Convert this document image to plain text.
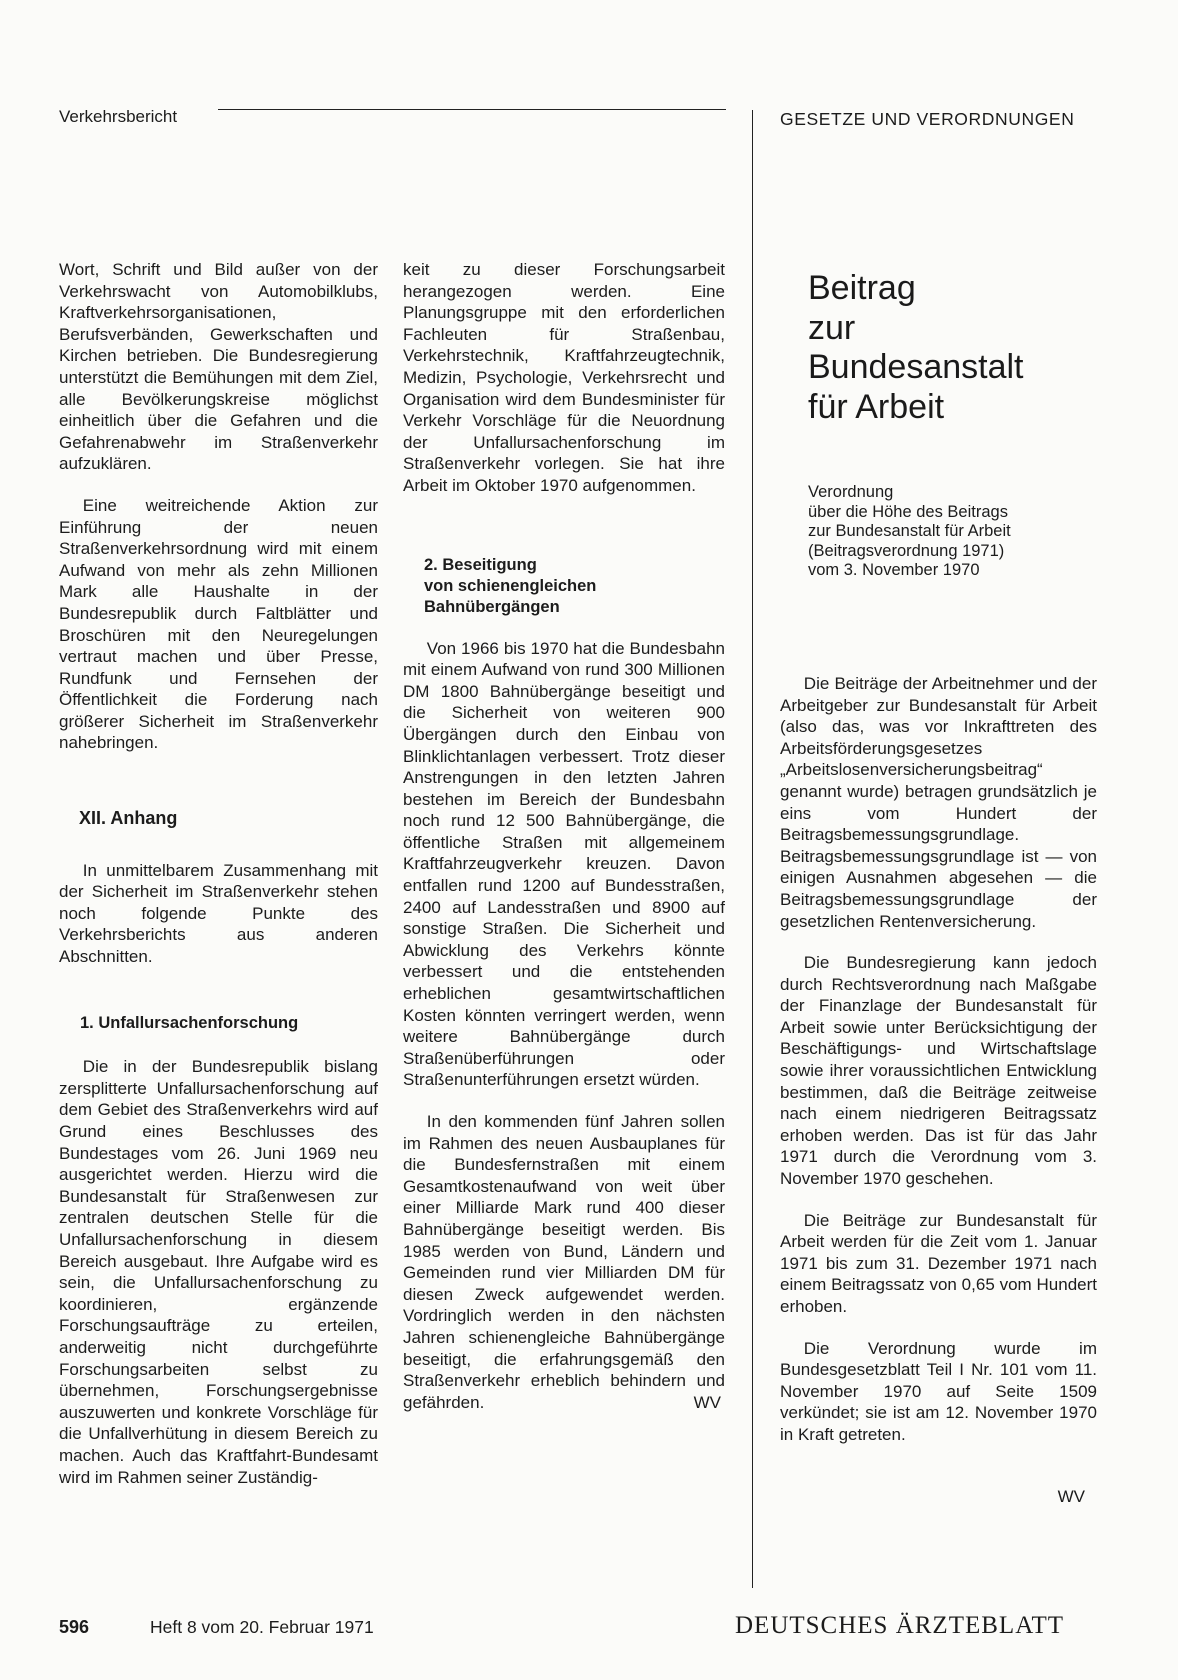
Verkehrsbericht	GESETZE UND VERORDNUNGEN

Wort, Schrift und Bild außer von der Verkehrswacht von Automobilklubs, Kraftverkehrsorganisationen, Berufsverbänden, Gewerkschaften und Kirchen betrieben. Die Bundesregierung unterstützt die Bemühungen mit dem Ziel, alle Bevölkerungskreise möglichst einheitlich über die Gefahren und die Gefahrenabwehr im Straßenverkehr aufzuklären.

Eine weitreichende Aktion zur Einführung der neuen Straßenverkehrsordnung wird mit einem Aufwand von mehr als zehn Millionen Mark alle Haushalte in der Bundesrepublik durch Faltblätter und Broschüren mit den Neuregelungen vertraut machen und über Presse, Rundfunk und Fernsehen der Öffentlichkeit die Forderung nach größerer Sicherheit im Straßenverkehr nahebringen.

XII. Anhang

In unmittelbarem Zusammenhang mit der Sicherheit im Straßenverkehr stehen noch folgende Punkte des Verkehrsberichts aus anderen Abschnitten.

1. Unfallursachenforschung

Die in der Bundesrepublik bislang zersplitterte Unfallursachenforschung auf dem Gebiet des Straßenverkehrs wird auf Grund eines Beschlusses des Bundestages vom 26. Juni 1969 neu ausgerichtet werden. Hierzu wird die Bundesanstalt für Straßenwesen zur zentralen deutschen Stelle für die Unfallursachenforschung in diesem Bereich ausgebaut. Ihre Aufgabe wird es sein, die Unfallursachenforschung zu koordinieren, ergänzende Forschungsaufträge zu erteilen, anderweitig nicht durchgeführte Forschungsarbeiten selbst zu übernehmen, Forschungsergebnisse auszuwerten und konkrete Vorschläge für die Unfallverhütung in diesem Bereich zu machen. Auch das Kraftfahrt-Bundesamt wird im Rahmen seiner Zuständig-

keit zu dieser Forschungsarbeit herangezogen werden. Eine Planungsgruppe mit den erforderlichen Fachleuten für Straßenbau, Verkehrstechnik, Kraftfahrzeugtechnik, Medizin, Psychologie, Verkehrsrecht und Organisation wird dem Bundesminister für Verkehr Vorschläge für die Neuordnung der Unfallursachenforschung im Straßenverkehr vorlegen. Sie hat ihre Arbeit im Oktober 1970 aufgenommen.

2. Beseitigung
von schienengleichen
Bahnübergängen

Von 1966 bis 1970 hat die Bundesbahn mit einem Aufwand von rund 300 Millionen DM 1800 Bahnübergänge beseitigt und die Sicherheit von weiteren 900 Übergängen durch den Einbau von Blinklichtanlagen verbessert. Trotz dieser Anstrengungen in den letzten Jahren bestehen im Bereich der Bundesbahn noch rund 12 500 Bahnübergänge, die öffentliche Straßen mit allgemeinem Kraftfahrzeugverkehr kreuzen. Davon entfallen rund 1200 auf Bundesstraßen, 2400 auf Landesstraßen und 8900 auf sonstige Straßen. Die Sicherheit und Abwicklung des Verkehrs könnte verbessert und die entstehenden erheblichen gesamtwirtschaftlichen Kosten könnten verringert werden, wenn weitere Bahnübergänge durch Straßenüberführungen oder Straßenunterführungen ersetzt würden.

In den kommenden fünf Jahren sollen im Rahmen des neuen Ausbauplanes für die Bundesfernstraßen mit einem Gesamtkostenaufwand von weit über einer Milliarde Mark rund 400 dieser Bahnübergänge beseitigt werden. Bis 1985 werden von Bund, Ländern und Gemeinden rund vier Milliarden DM für diesen Zweck aufgewendet werden. Vordringlich werden in den nächsten Jahren schienengleiche Bahnübergänge beseitigt, die erfahrungsgemäß den Straßenverkehr erheblich behindern und gefährden.	WV
Beitrag
zur
Bundesanstalt
für Arbeit
Verordnung
über die Höhe des Beitrags
zur Bundesanstalt für Arbeit
(Beitragsverordnung 1971)
vom 3. November 1970

Die Beiträge der Arbeitnehmer und der Arbeitgeber zur Bundesanstalt für Arbeit (also das, was vor Inkrafttreten des Arbeitsförderungsgesetzes „Arbeitslosenversicherungsbeitrag“ genannt wurde) betragen grundsätzlich je eins vom Hundert der Beitragsbemessungsgrundlage. Beitragsbemessungsgrundlage ist — von einigen Ausnahmen abgesehen — die Beitragsbemessungsgrundlage der gesetzlichen Rentenversicherung.

Die Bundesregierung kann jedoch durch Rechtsverordnung nach Maßgabe der Finanzlage der Bundesanstalt für Arbeit sowie unter Berücksichtigung der Beschäftigungs- und Wirtschaftslage sowie ihrer voraussichtlichen Entwicklung bestimmen, daß die Beiträge zeitweise nach einem niedrigeren Beitragssatz erhoben werden. Das ist für das Jahr 1971 durch die Verordnung vom 3. November 1970 geschehen.

Die Beiträge zur Bundesanstalt für Arbeit werden für die Zeit vom 1. Januar 1971 bis zum 31. Dezember 1971 nach einem Beitragssatz von 0,65 vom Hundert erhoben.

Die Verordnung wurde im Bundesgesetzblatt Teil I Nr. 101 vom 11. November 1970 auf Seite 1509 verkündet; sie ist am 12. November 1970 in Kraft getreten.

WV
596	Heft 8 vom 20. Februar 1971	DEUTSCHES ÄRZTEBLATT
